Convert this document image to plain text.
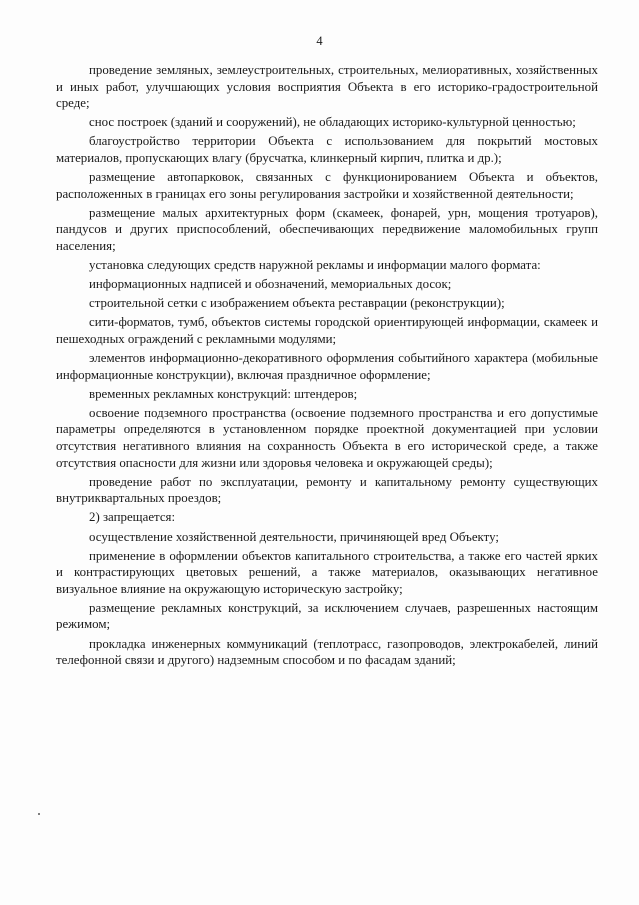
4

проведение земляных, землеустроительных, строительных, мелиоративных, хозяйственных и иных работ, улучшающих условия восприятия Объекта в его историко-градостроительной среде;

снос построек (зданий и сооружений), не обладающих историко-культурной ценностью;

благоустройство территории Объекта с использованием для покрытий мостовых материалов, пропускающих влагу (брусчатка, клинкерный кирпич, плитка и др.);

размещение автопарковок, связанных с функционированием Объекта и объектов, расположенных в границах его зоны регулирования застройки и хозяйственной деятельности;

размещение малых архитектурных форм (скамеек, фонарей, урн, мощения тротуаров), пандусов и других приспособлений, обеспечивающих передвижение маломобильных групп населения;

установка следующих средств наружной рекламы и информации малого формата:

информационных надписей и обозначений, мемориальных досок;

строительной сетки с изображением объекта реставрации (реконструкции);

сити-форматов, тумб, объектов системы городской ориентирующей информации, скамеек и пешеходных ограждений с рекламными модулями;

элементов информационно-декоративного оформления событийного характера (мобильные информационные конструкции), включая праздничное оформление;

временных рекламных конструкций: штендеров;

освоение подземного пространства (освоение подземного пространства и его допустимые параметры определяются в установленном порядке проектной документацией при условии отсутствия негативного влияния на сохранность Объекта в его исторической среде, а также отсутствия опасности для жизни или здоровья человека и окружающей среды);

проведение работ по эксплуатации, ремонту и капитальному ремонту существующих внутриквартальных проездов;

2) запрещается:

осуществление хозяйственной деятельности, причиняющей вред Объекту;

применение в оформлении объектов капитального строительства, а также его частей ярких и контрастирующих цветовых решений, а также материалов, оказывающих негативное визуальное влияние на окружающую историческую застройку;

размещение рекламных конструкций, за исключением случаев, разрешенных настоящим режимом;

прокладка инженерных коммуникаций (теплотрасс, газопроводов, электрокабелей, линий телефонной связи и другого) надземным способом и по фасадам зданий;
